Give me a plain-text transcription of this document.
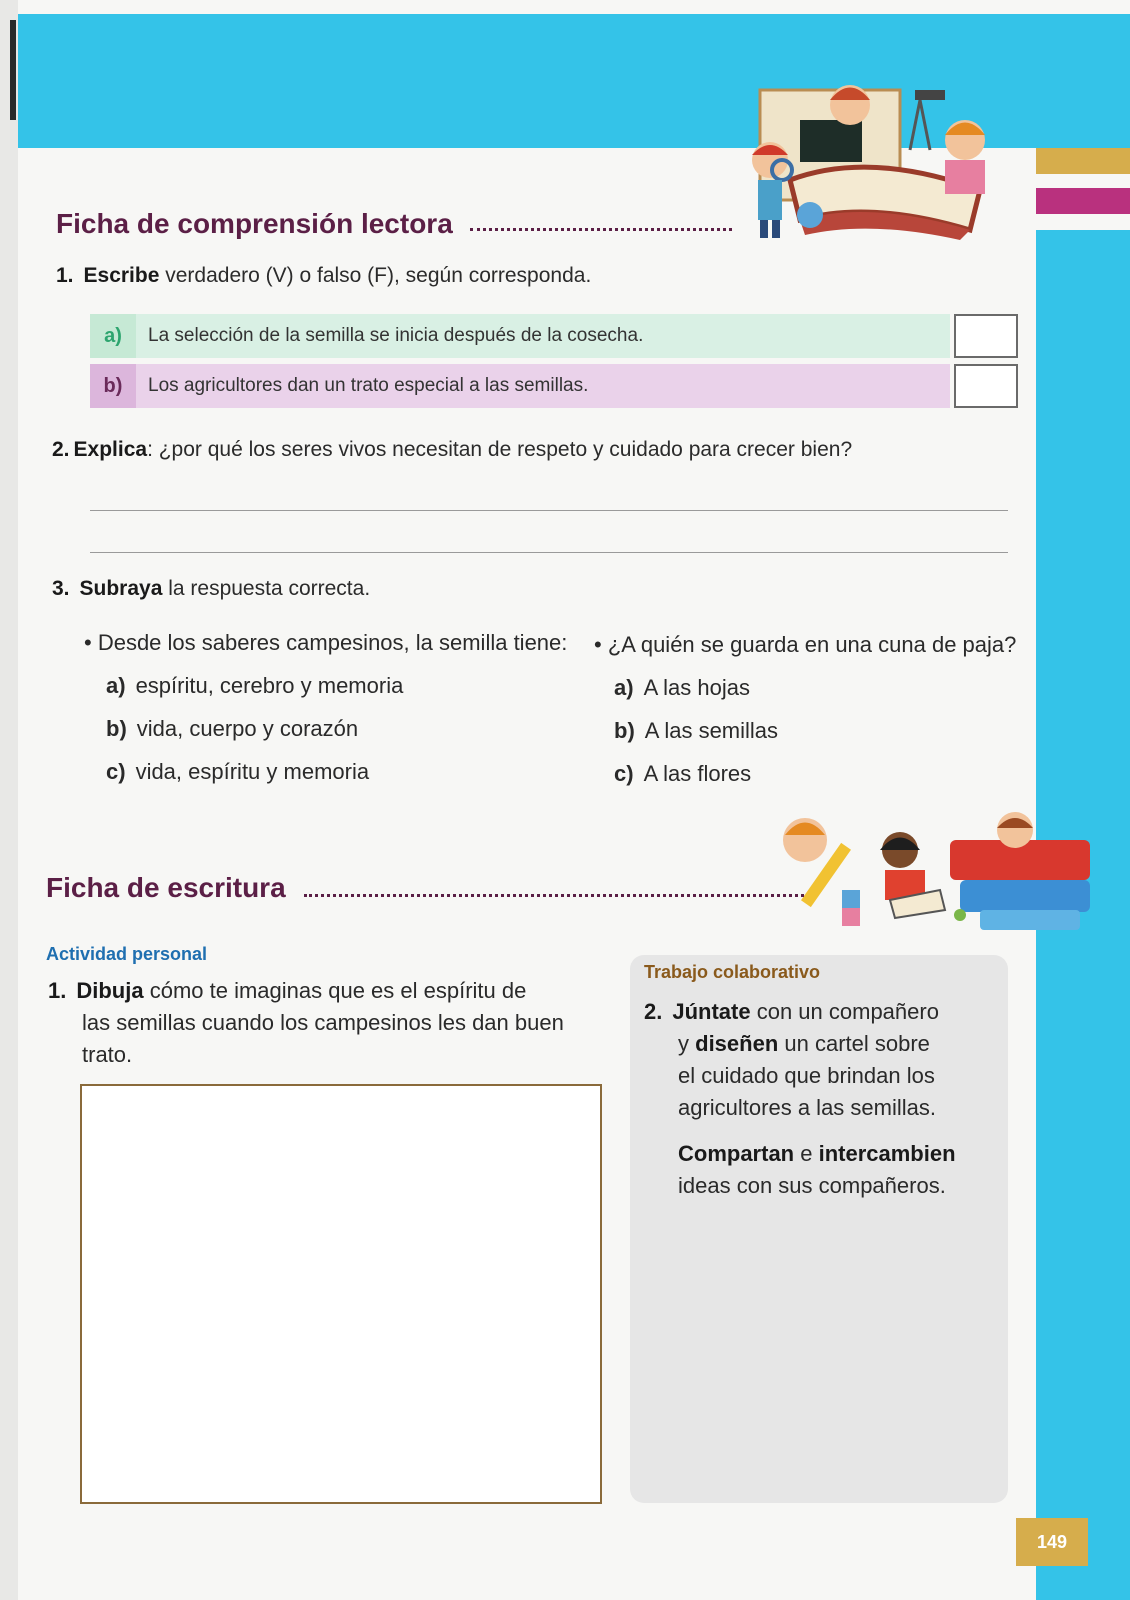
Ficha de comprensión lectora
1. Escribe verdadero (V) o falso (F), según corresponda.
a)	La selección de la semilla se inicia después de la cosecha.
b)	Los agricultores dan un trato especial a las semillas.
2. Explica: ¿por qué los seres vivos necesitan de respeto y cuidado para crecer bien?
3. Subraya la respuesta correcta.
• Desde los saberes campesinos, la semilla tiene:
a) espíritu, cerebro y memoria
b) vida, cuerpo y corazón
c) vida, espíritu y memoria
• ¿A quién se guarda en una cuna de paja?
a) A las hojas
b) A las semillas
c) A las flores
Ficha de escritura
Actividad personal
1. Dibuja cómo te imaginas que es el espíritu de
las semillas cuando los campesinos les dan buen
trato.
Trabajo colaborativo
2. Júntate con un compañero
y diseñen un cartel sobre
el cuidado que brindan los
agricultores a las semillas.
Compartan e intercambien
ideas con sus compañeros.
149
